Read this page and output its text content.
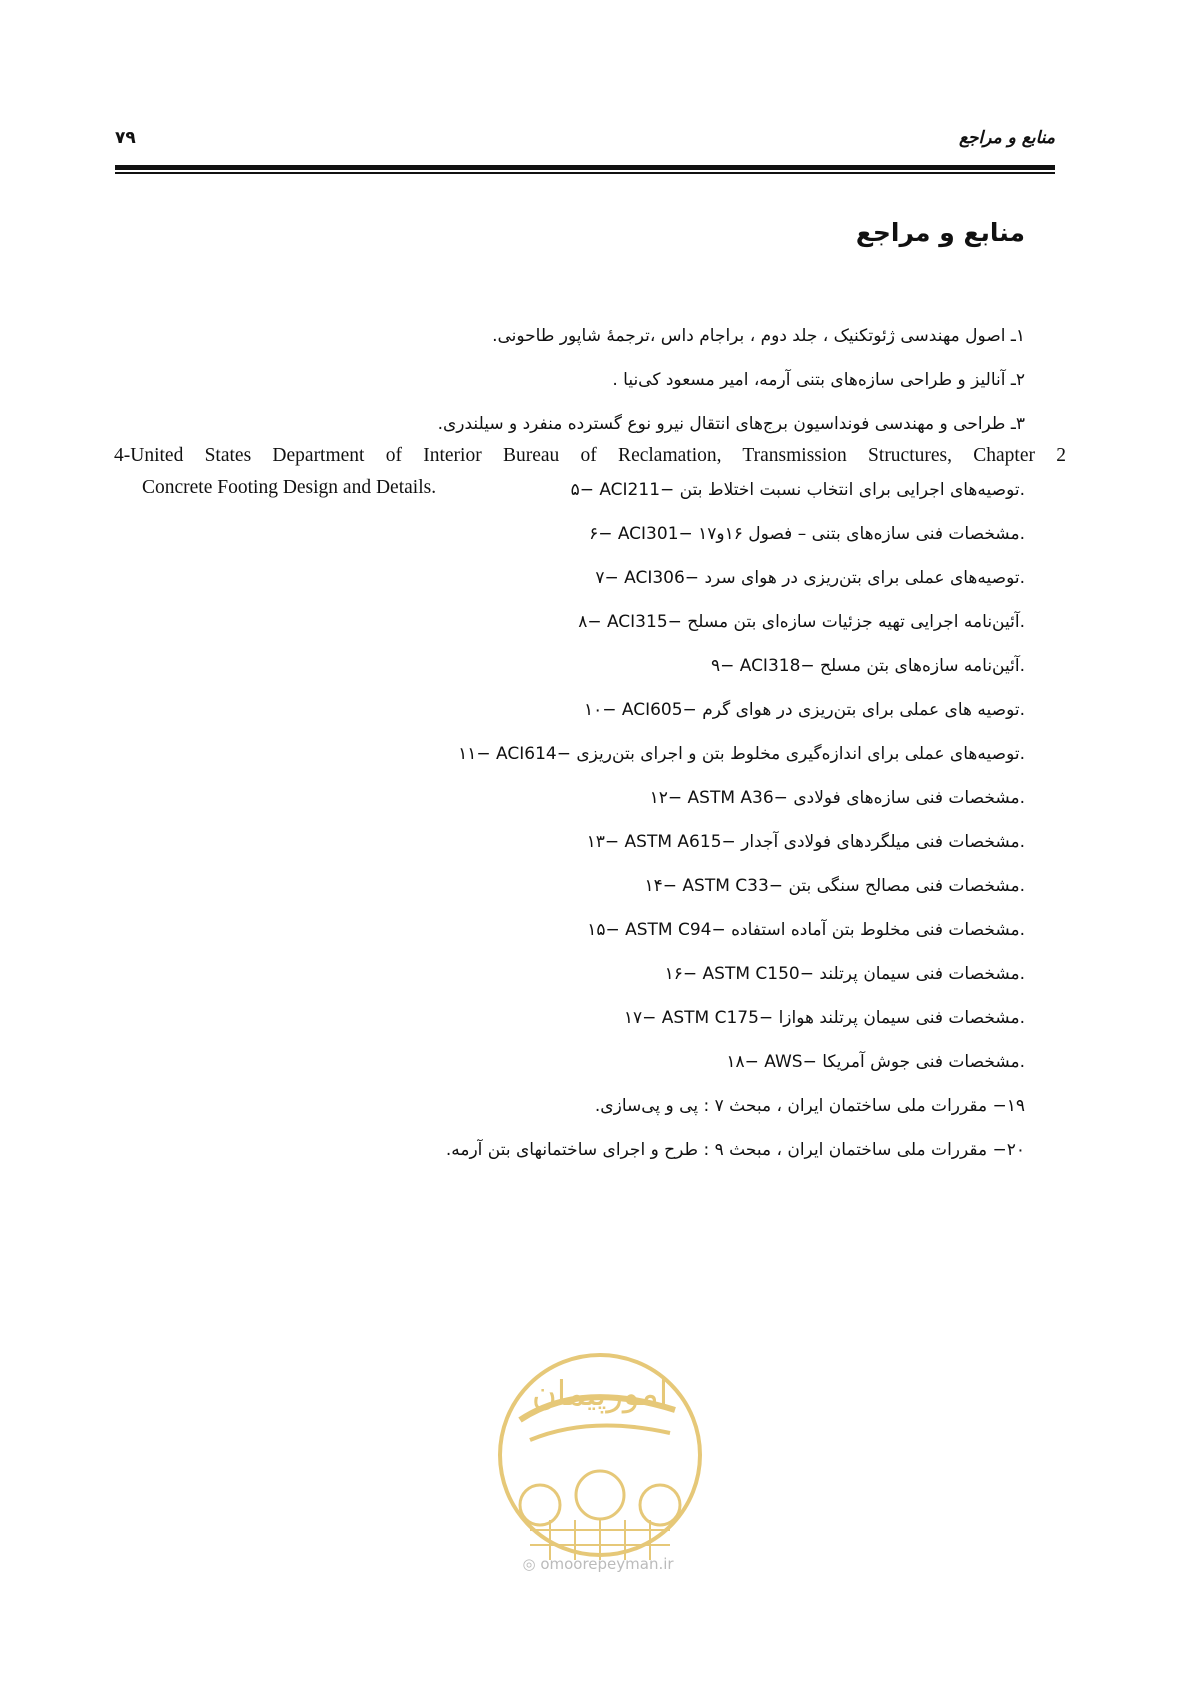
۷۹	منابع و مراجع
منابع و مراجع
۱ـ اصول مهندسی ژئوتکنیک ، جلد دوم ، براجام داس ،ترجمهٔ شاپور طاحونی.
۲ـ آنالیز و طراحی سازه‌های بتنی آرمه، امیر مسعود کی‌نیا .
۳ـ طراحی و مهندسی فونداسیون برج‌های انتقال نیرو نوع گسترده منفرد و سیلندری.
4-United States Department of Interior Bureau of Reclamation, Transmission Structures, Chapter 2
Concrete Footing Design and Details.	۵− ACI211− توصیه‌های اجرایی برای انتخاب نسبت اختلاط بتن.
۶− ACI301− مشخصات فنی سازه‌های بتنی – فصول ۱۶و۱۷.
۷− ACI306− توصیه‌های عملی برای بتن‌ریزی در هوای سرد.
۸− ACI315− آئین‌نامه اجرایی تهیه جزئیات سازه‌ای بتن مسلح.
۹− ACI318− آئین‌نامه سازه‌های بتن مسلح.
۱۰− ACI605− توصیه های عملی برای بتن‌ریزی در هوای گرم.
۱۱− ACI614− توصیه‌های عملی برای اندازه‌گیری مخلوط بتن و اجرای بتن‌ریزی.
۱۲− ASTM A36− مشخصات فنی سازه‌های فولادی.
۱۳− ASTM A615− مشخصات فنی میلگردهای فولادی آجدار.
۱۴− ASTM C33− مشخصات فنی مصالح سنگی بتن.
۱۵− ASTM C94− مشخصات فنی مخلوط بتن آماده استفاده.
۱۶− ASTM C150− مشخصات فنی سیمان پرتلند.
۱۷− ASTM C175− مشخصات فنی سیمان پرتلند هوازا.
۱۸− AWS− مشخصات فنی جوش آمریکا.
۱۹− مقررات ملی ساختمان ایران ، مبحث ۷ : پی و پی‌سازی.
۲۰− مقررات ملی ساختمان ایران ، مبحث ۹ : طرح و اجرای ساختمانهای بتن آرمه.
امورپیمان
◎ omoorepeyman.ir
